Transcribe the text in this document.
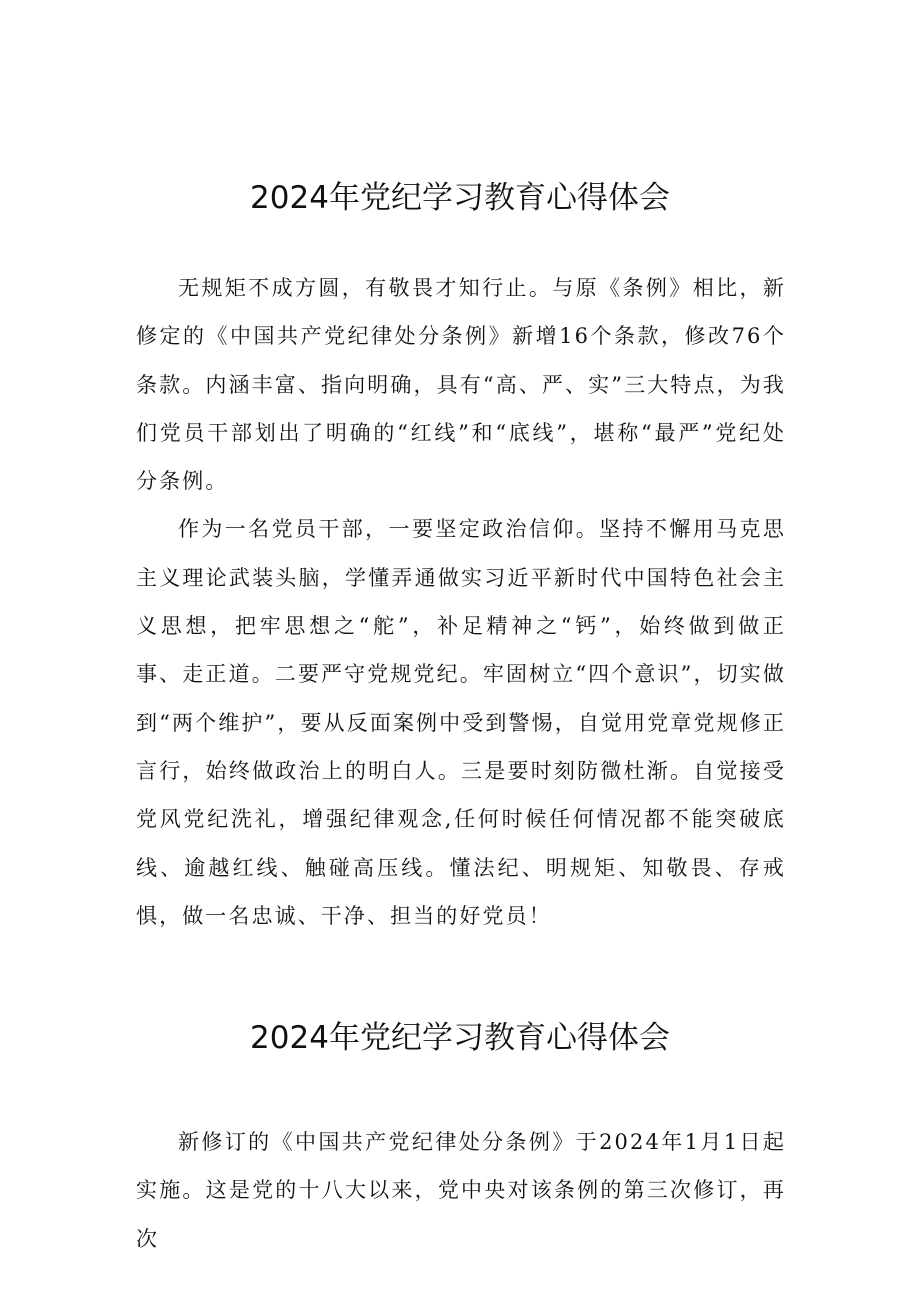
2024年党纪学习教育心得体会

无规矩不成方圆，有敬畏才知行止。与原《条例》相比，新修定的《中国共产党纪律处分条例》新增16个条款，修改76个条款。内涵丰富、指向明确，具有“高、严、实”三大特点，为我们党员干部划出了明确的“红线”和“底线”，堪称“最严”党纪处分条例。

作为一名党员干部，一要坚定政治信仰。坚持不懈用马克思主义理论武装头脑，学懂弄通做实习近平新时代中国特色社会主义思想，把牢思想之“舵”，补足精神之“钙”，始终做到做正事、走正道。二要严守党规党纪。牢固树立“四个意识”，切实做到“两个维护”，要从反面案例中受到警惕，自觉用党章党规修正言行，始终做政治上的明白人。三是要时刻防微杜渐。自觉接受党风党纪洗礼，增强纪律观念,任何时候任何情况都不能突破底线、逾越红线、触碰高压线。懂法纪、明规矩、知敬畏、存戒惧，做一名忠诚、干净、担当的好党员！

2024年党纪学习教育心得体会

新修订的《中国共产党纪律处分条例》于2024年1月1日起实施。这是党的十八大以来，党中央对该条例的第三次修订，再次
